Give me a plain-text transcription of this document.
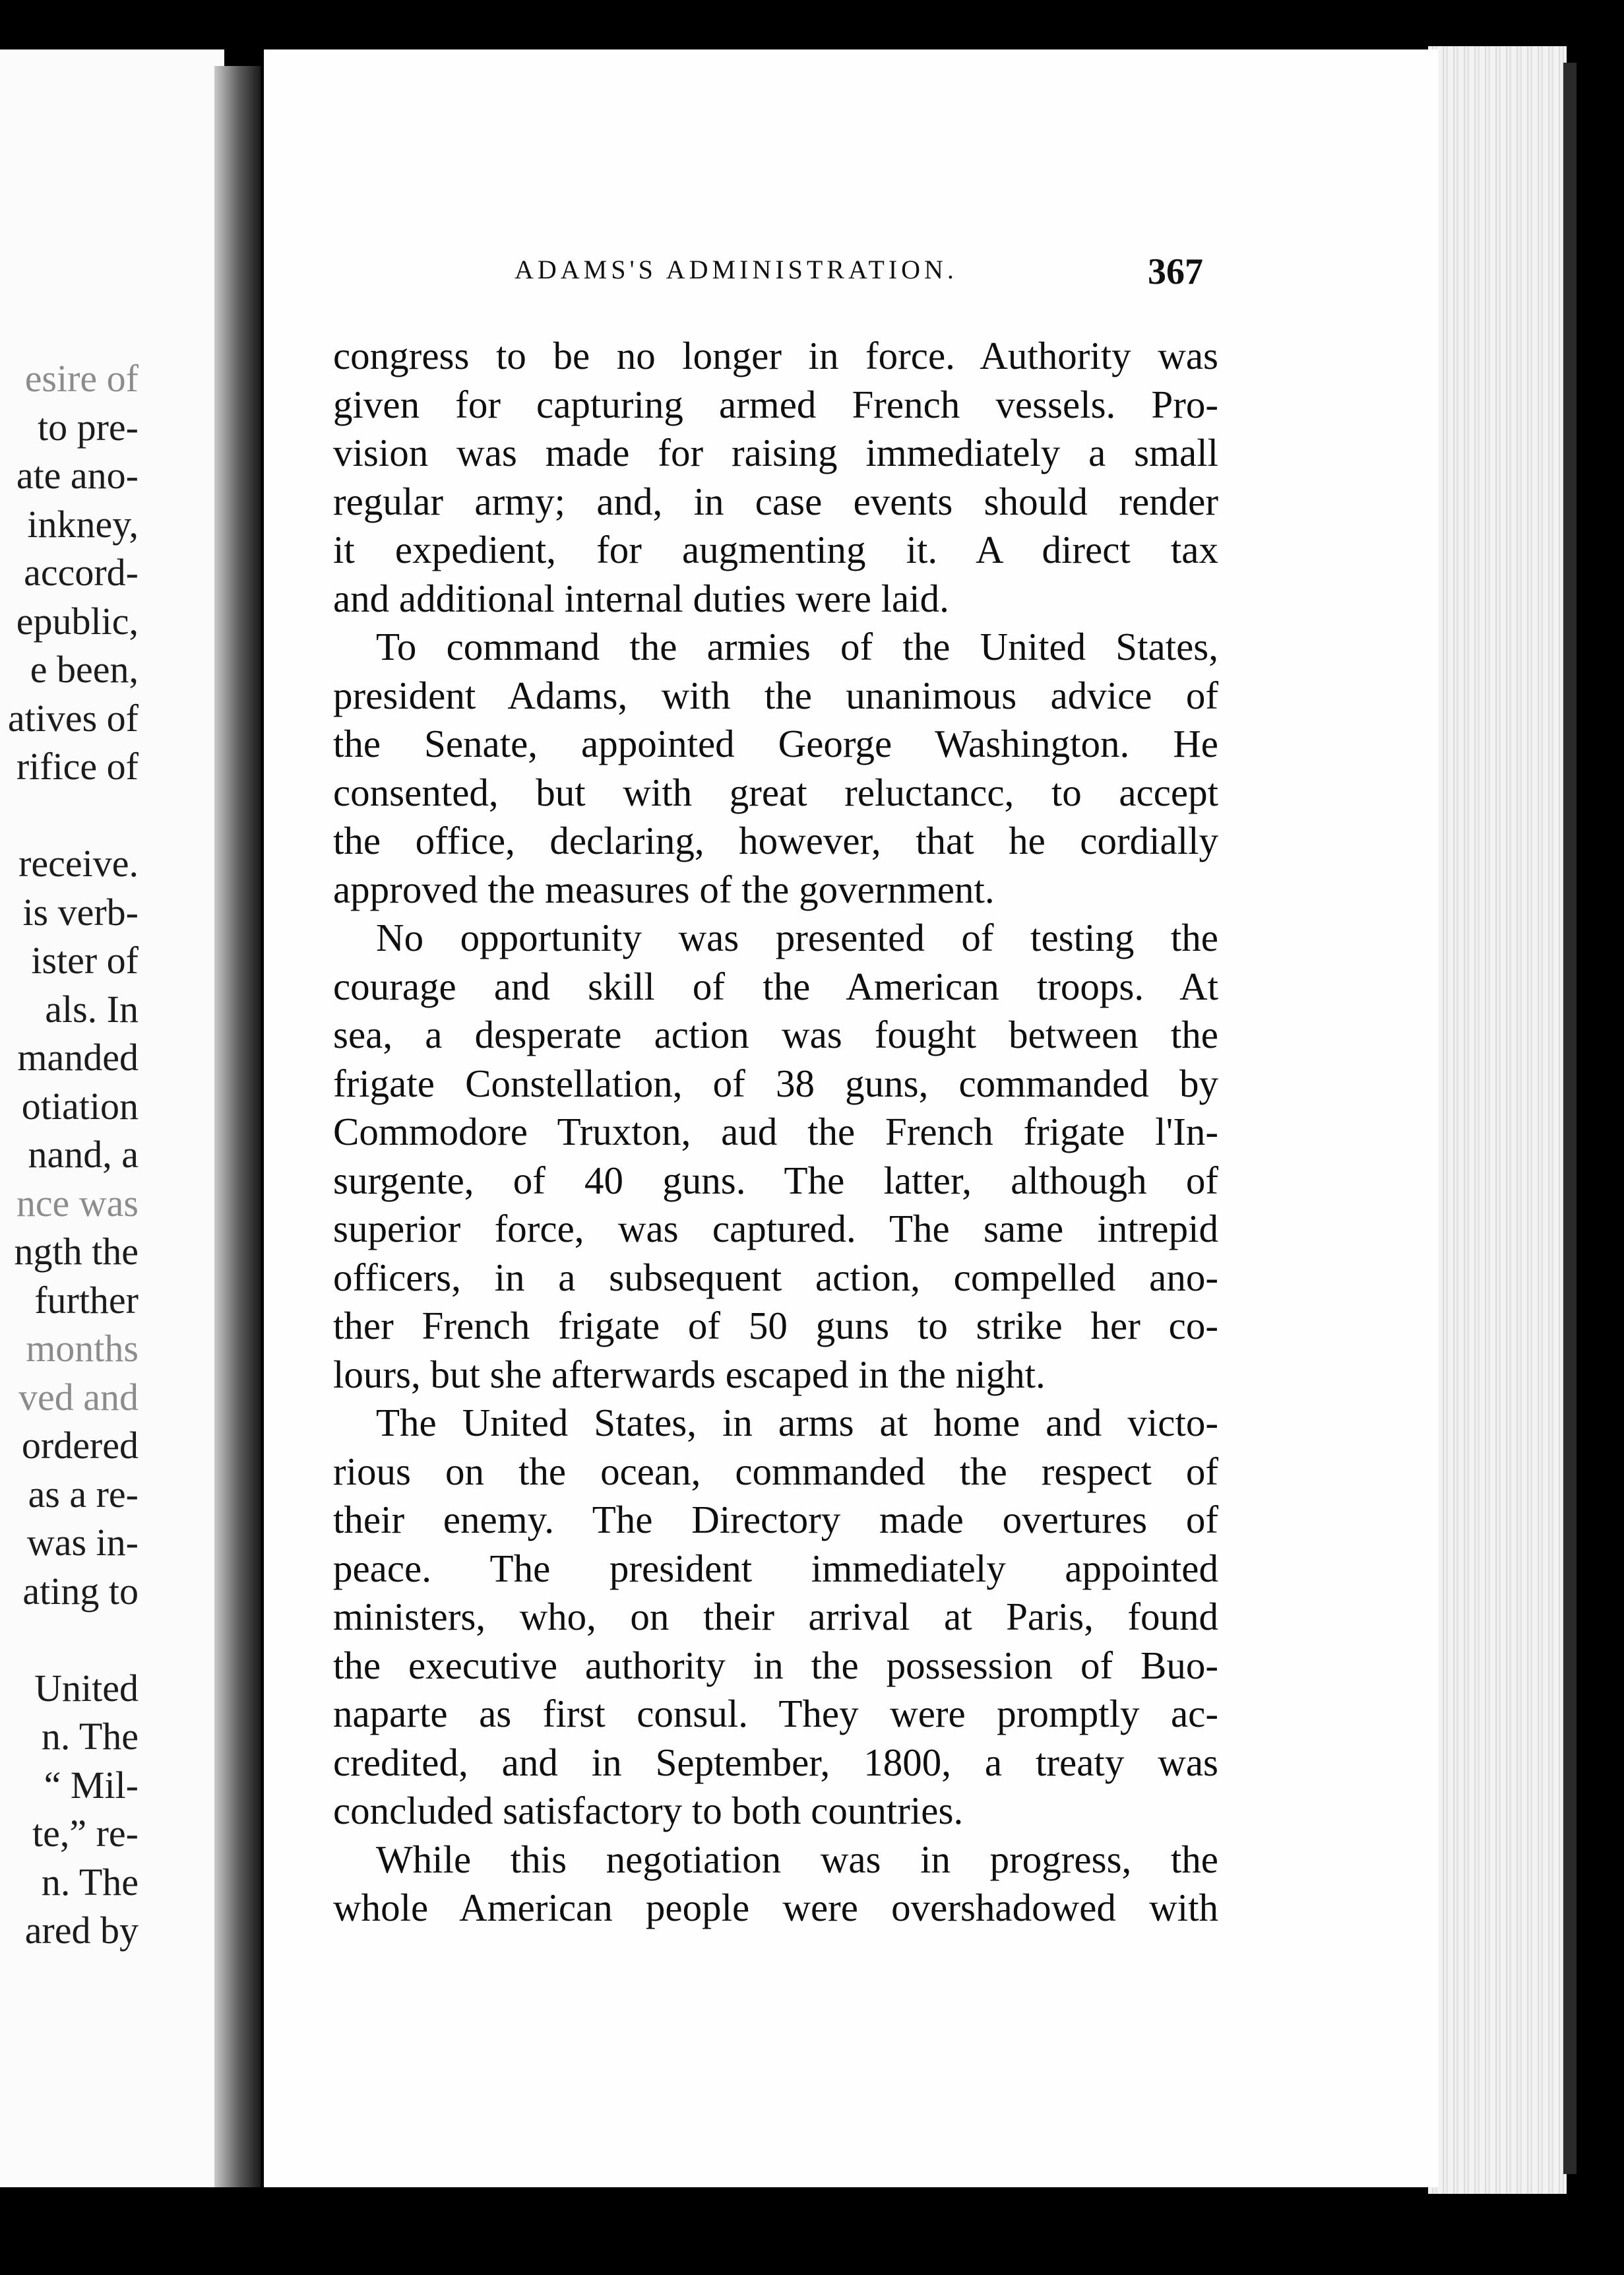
esire of
to pre-
ate ano-
inkney,
accord-
epublic,
e been,
atives of
rifice of
receive.
is verb-
ister of
als. In
manded
otiation
nand, a
nce was
ngth the
further
months
ved and
ordered
as a re-
was in-
ating to
United
n. The
“ Mil-
te,” re-
n. The
ared by
ADAMS'S ADMINISTRATION.	367
congress to be no longer in force. Authority was
given for capturing armed French vessels. Pro-
vision was made for raising immediately a small
regular army; and, in case events should render
it expedient, for augmenting it. A direct tax
and additional internal duties were laid.
To command the armies of the United States,
president Adams, with the unanimous advice of
the Senate, appointed George Washington. He
consented, but with great reluctancc, to accept
the office, declaring, however, that he cordially
approved the measures of the government.
No opportunity was presented of testing the
courage and skill of the American troops. At
sea, a desperate action was fought between the
frigate Constellation, of 38 guns, commanded by
Commodore Truxton, aud the French frigate l'In-
surgente, of 40 guns. The latter, although of
superior force, was captured. The same intrepid
officers, in a subsequent action, compelled ano-
ther French frigate of 50 guns to strike her co-
lours, but she afterwards escaped in the night.
The United States, in arms at home and victo-
rious on the ocean, commanded the respect of
their enemy. The Directory made overtures of
peace. The president immediately appointed
ministers, who, on their arrival at Paris, found
the executive authority in the possession of Buo-
naparte as first consul. They were promptly ac-
credited, and in September, 1800, a treaty was
concluded satisfactory to both countries.
While this negotiation was in progress, the
whole American people were overshadowed with
